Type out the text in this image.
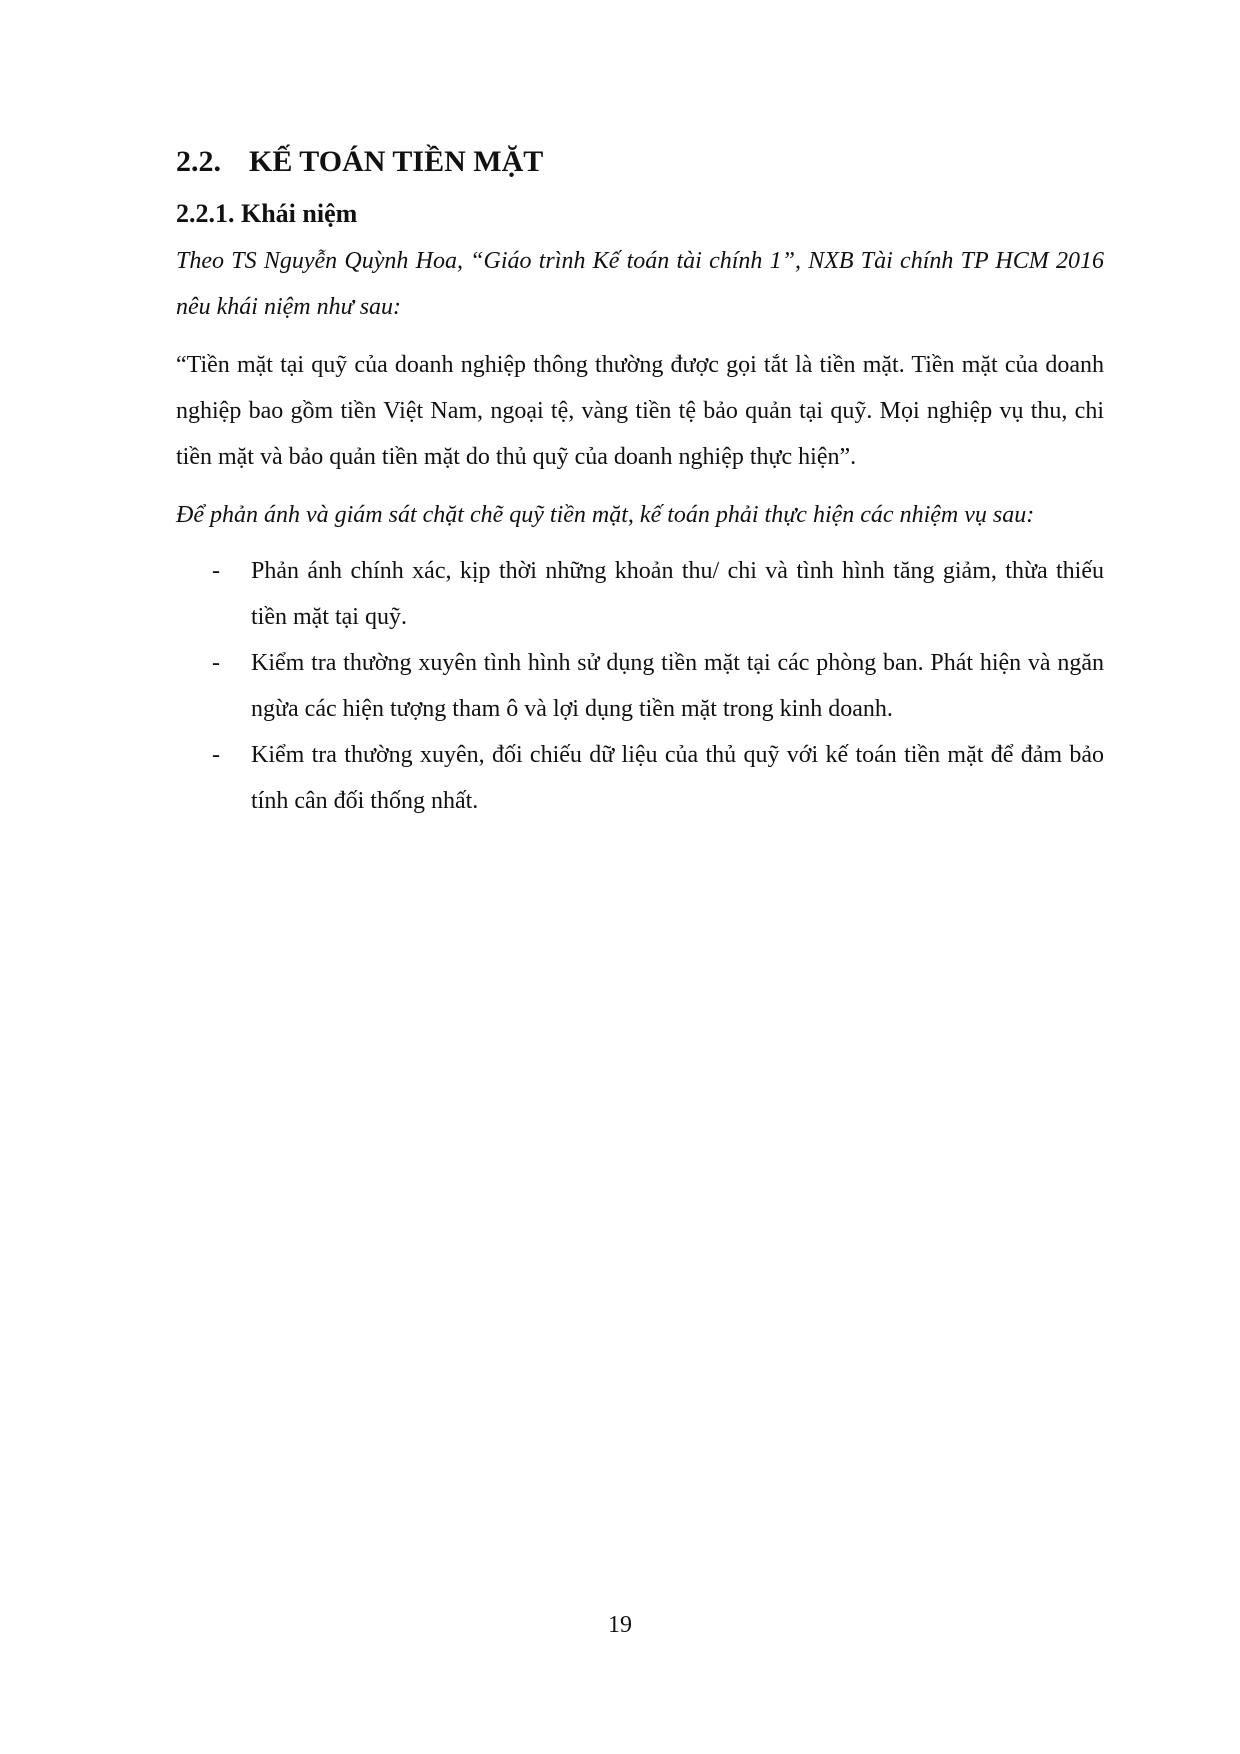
2.2. KẾ TOÁN TIỀN MẶT
2.2.1. Khái niệm

Theo TS Nguyễn Quỳnh Hoa, “Giáo trình Kế toán tài chính 1”, NXB Tài chính TP HCM 2016 nêu khái niệm như sau:

“Tiền mặt tại quỹ của doanh nghiệp thông thường được gọi tắt là tiền mặt. Tiền mặt của doanh nghiệp bao gồm tiền Việt Nam, ngoại tệ, vàng tiền tệ bảo quản tại quỹ. Mọi nghiệp vụ thu, chi tiền mặt và bảo quản tiền mặt do thủ quỹ của doanh nghiệp thực hiện”.

Để phản ánh và giám sát chặt chẽ quỹ tiền mặt, kế toán phải thực hiện các nhiệm vụ sau:

- Phản ánh chính xác, kịp thời những khoản thu/ chi và tình hình tăng giảm, thừa thiếu tiền mặt tại quỹ.
- Kiểm tra thường xuyên tình hình sử dụng tiền mặt tại các phòng ban. Phát hiện và ngăn ngừa các hiện tượng tham ô và lợi dụng tiền mặt trong kinh doanh.
- Kiểm tra thường xuyên, đối chiếu dữ liệu của thủ quỹ với kế toán tiền mặt để đảm bảo tính cân đối thống nhất.
19
